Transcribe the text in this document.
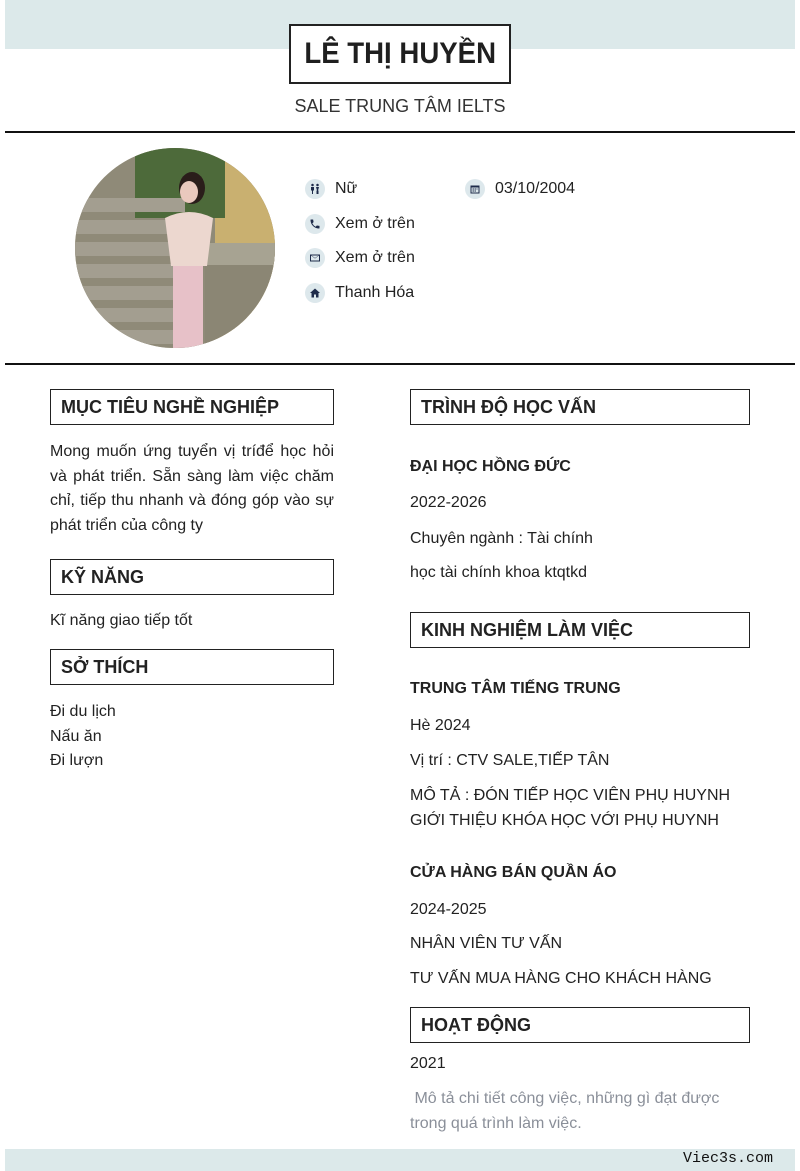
LÊ THỊ HUYỀN
SALE TRUNG TÂM IELTS
Nữ	03/10/2004
Xem ở trên
Xem ở trên
Thanh Hóa
MỤC TIÊU NGHỀ NGHIỆP
Mong muốn ứng tuyển vị tríđể học hỏi và phát triển. Sẵn sàng làm việc chăm chỉ, tiếp thu nhanh và đóng góp vào sự phát triển của công ty
KỸ NĂNG
Kĩ năng giao tiếp tốt
SỞ THÍCH
Đi du lịch
Nấu ăn
Đi lượn
TRÌNH ĐỘ HỌC VẤN
ĐẠI HỌC HỒNG ĐỨC
2022-2026
Chuyên ngành : Tài chính
học tài chính khoa ktqtkd
KINH NGHIỆM LÀM VIỆC
TRUNG TÂM TIẾNG TRUNG
Hè 2024
Vị trí : CTV SALE,TIẾP TÂN
MÔ TẢ : ĐÓN TIẾP HỌC VIÊN PHỤ HUYNH GIỚI THIỆU KHÓA HỌC VỚI PHỤ HUYNH
CỬA HÀNG BÁN QUẦN ÁO
2024-2025
NHÂN VIÊN TƯ VẤN
TƯ VẤN MUA HÀNG CHO KHÁCH HÀNG
HOẠT ĐỘNG
2021
Mô tả chi tiết công việc, những gì đạt được trong quá trình làm việc.
Viec3s.com
